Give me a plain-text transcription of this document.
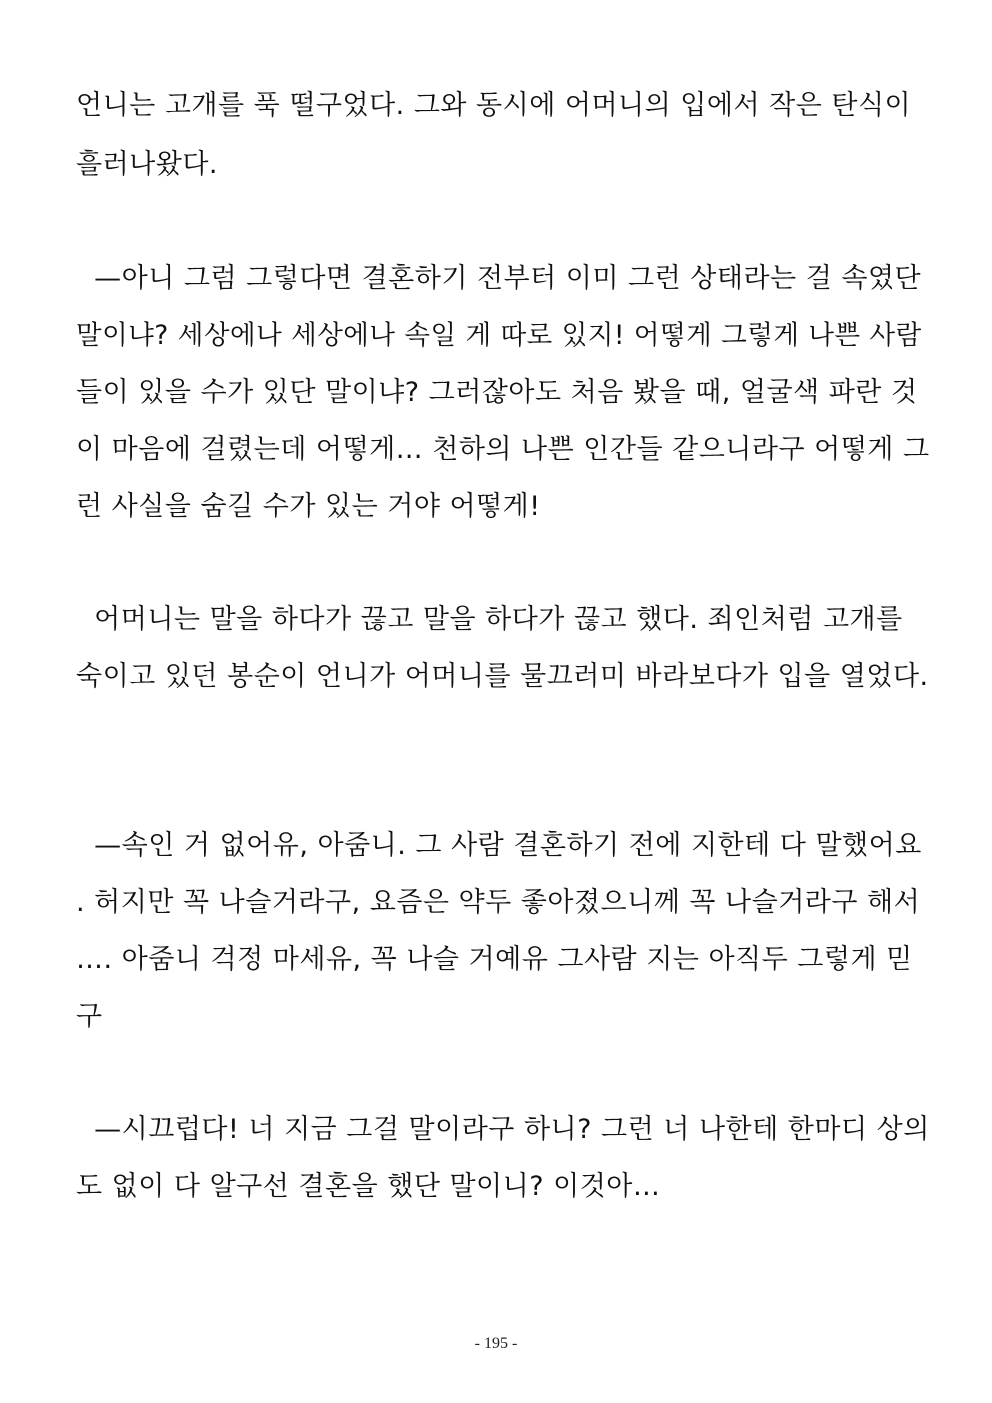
언니는 고개를 푹 떨구었다. 그와 동시에 어머니의 입에서 작은 탄식이
흘러나왔다.
—아니 그럼 그렇다면 결혼하기 전부터 이미 그런 상태라는 걸 속였단
말이냐? 세상에나 세상에나 속일 게 따로 있지! 어떻게 그렇게 나쁜 사람
들이 있을 수가 있단 말이냐? 그러잖아도 처음 봤을 때, 얼굴색 파란 것
이 마음에 걸렸는데 어떻게… 천하의 나쁜 인간들 같으니라구 어떻게 그
런 사실을 숨길 수가 있는 거야 어떻게!
어머니는 말을 하다가 끊고 말을 하다가 끊고 했다. 죄인처럼 고개를
숙이고 있던 봉순이 언니가 어머니를 물끄러미 바라보다가 입을 열었다.
—속인 거 없어유, 아줌니. 그 사람 결혼하기 전에 지한테 다 말했어요
. 허지만 꼭 나슬거라구, 요즘은 약두 좋아졌으니께 꼭 나슬거라구 해서
…. 아줌니 걱정 마세유, 꼭 나슬 거예유 그사람 지는 아직두 그렇게 믿
구
—시끄럽다! 너 지금 그걸 말이라구 하니? 그런 너 나한테 한마디 상의
도 없이 다 알구선 결혼을 했단 말이니? 이것아…
- 195 -
